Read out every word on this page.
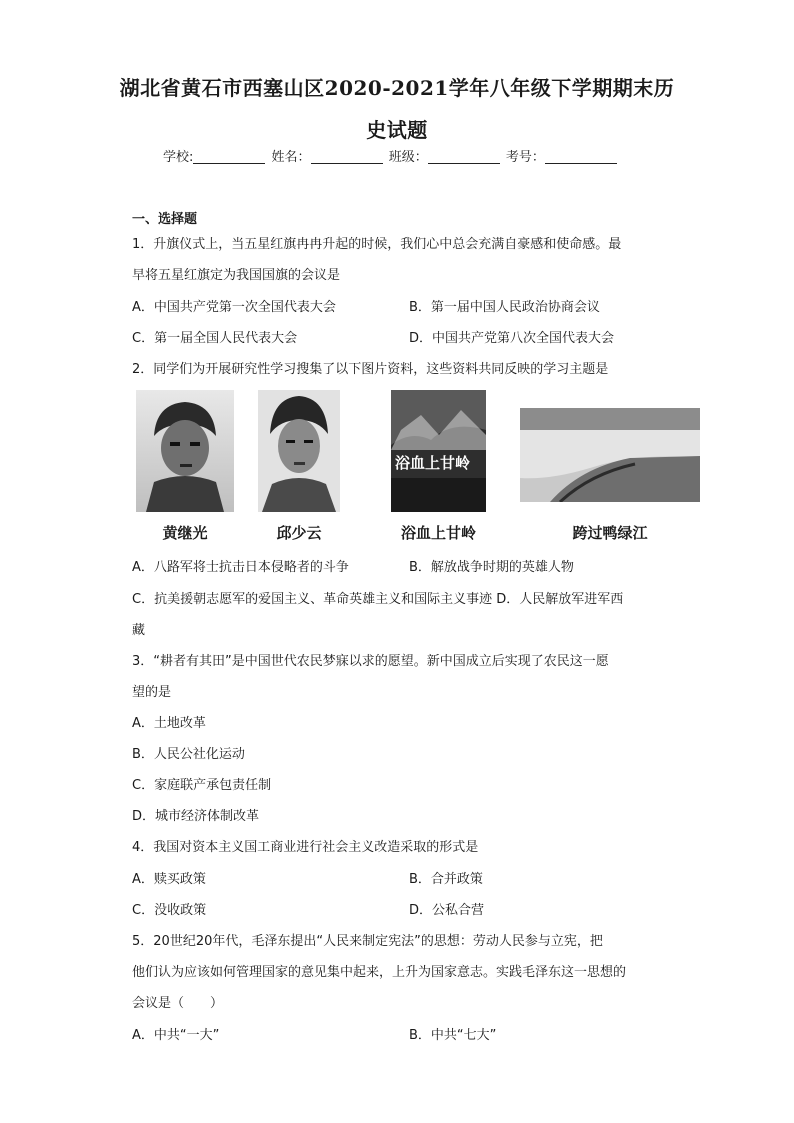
湖北省黄石市西塞山区2020-2021学年八年级下学期期末历
史试题
学校:	姓名：	班级：	考号：
一、选择题
1．升旗仪式上，当五星红旗冉冉升起的时候，我们心中总会充满自豪感和使命感。最
早将五星红旗定为我国国旗的会议是
A．中国共产党第一次全国代表大会	B．第一届中国人民政治协商会议
C．第一届全国人民代表大会	D．中国共产党第八次全国代表大会
2．同学们为开展研究性学习搜集了以下图片资料，这些资料共同反映的学习主题是
浴血上甘岭
黄继光	邱少云	浴血上甘岭	跨过鸭绿江
A．八路军将士抗击日本侵略者的斗争	B．解放战争时期的英雄人物
C．抗美援朝志愿军的爱国主义、革命英雄主义和国际主义事迹 D．人民解放军进军西
藏
3．“耕者有其田”是中国世代农民梦寐以求的愿望。新中国成立后实现了农民这一愿
望的是
A．土地改革
B．人民公社化运动
C．家庭联产承包责任制
D．城市经济体制改革
4．我国对资本主义国工商业进行社会主义改造采取的形式是
A．赎买政策	B．合并政策
C．没收政策	D．公私合营
5．20世纪20年代，毛泽东提出“人民来制定宪法”的思想：劳动人民参与立宪，把
他们认为应该如何管理国家的意见集中起来，上升为国家意志。实践毛泽东这一思想的
会议是（　　）
A．中共“一大”	B．中共“七大”
